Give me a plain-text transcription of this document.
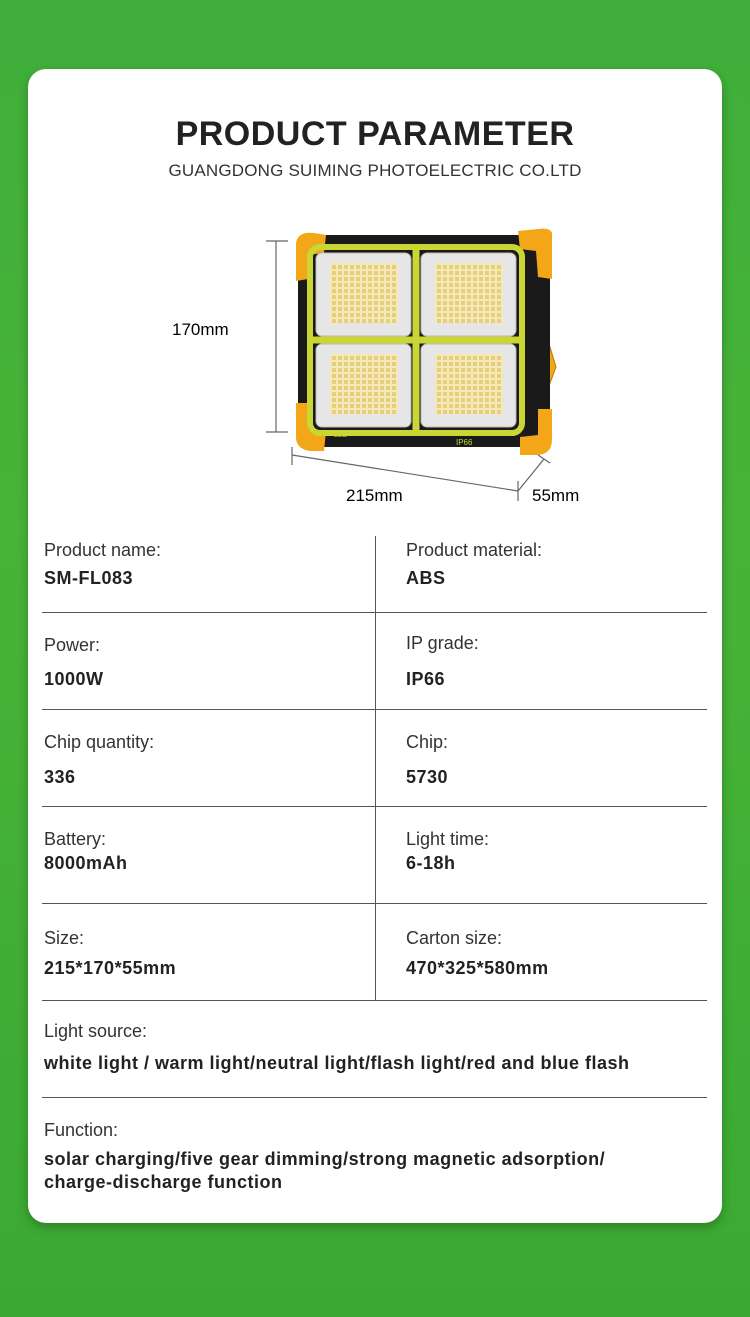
PRODUCT PARAMETER
GUANGDONG SUIMING PHOTOELECTRIC CO.LTD
170mm
LED
IP66
215mm	55mm
Product name:
SM-FL083
Product material:
ABS
Power:
1000W
IP grade:
IP66
Chip quantity:
336
Chip:
5730
Battery:
8000mAh
Light time:
6-18h
Size:
215*170*55mm
Carton size:
470*325*580mm
Light source:
white light / warm light/neutral light/flash light/red and blue flash
Function:
solar charging/five gear dimming/strong magnetic adsorption/
charge-discharge function
